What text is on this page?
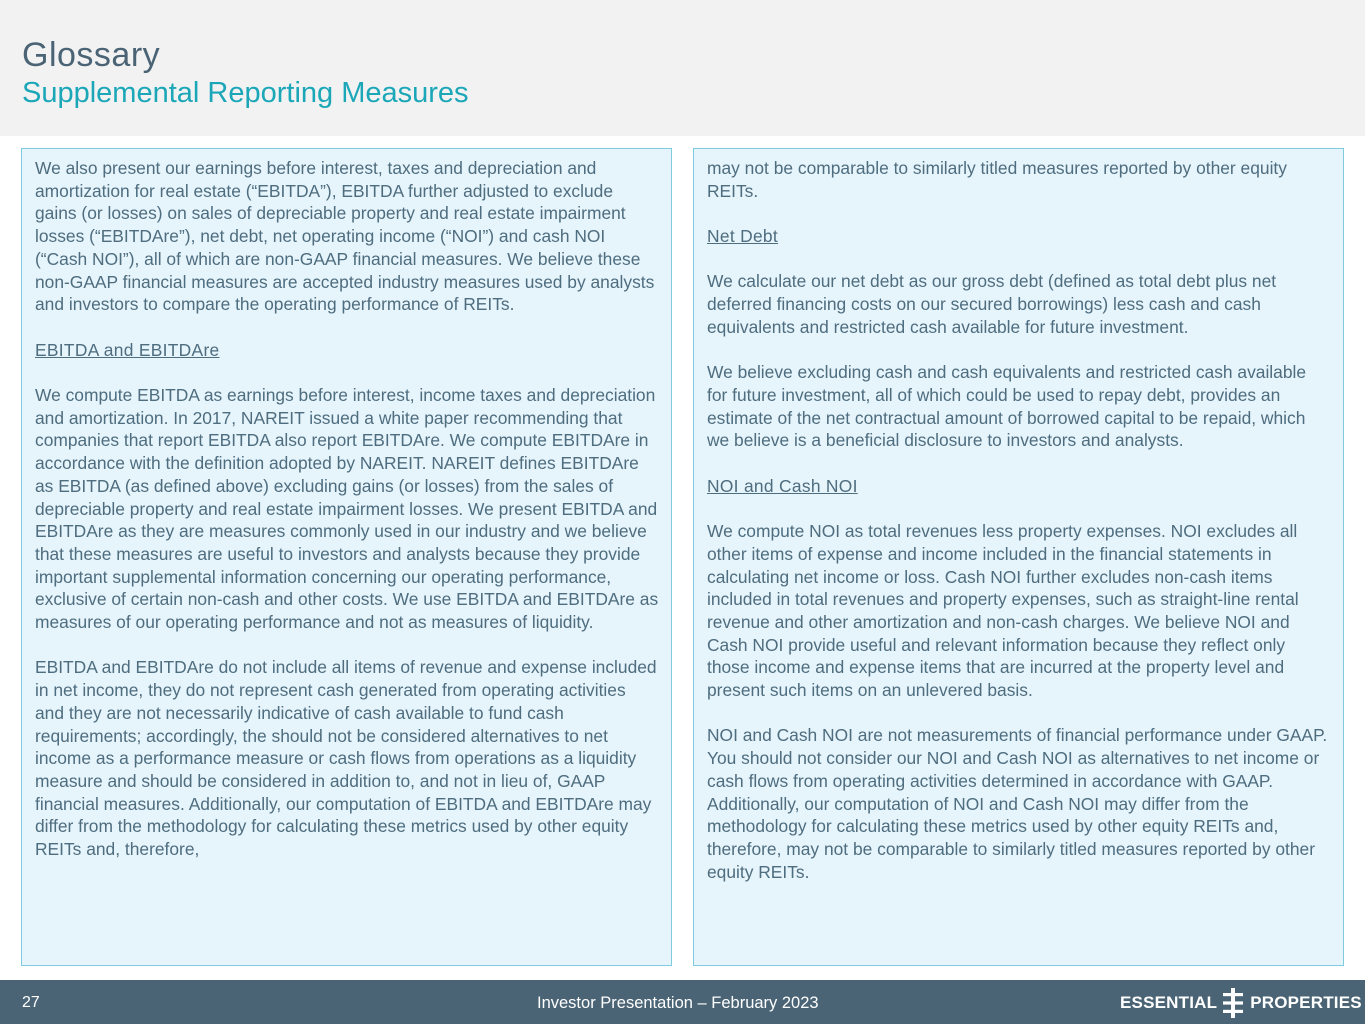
Glossary
Supplemental Reporting Measures

We also present our earnings before interest, taxes and depreciation and amortization for real estate (“EBITDA”), EBITDA further adjusted to exclude gains (or losses) on sales of depreciable property and real estate impairment losses (“EBITDAre”), net debt, net operating income (“NOI”) and cash NOI (“Cash NOI”), all of which are non-GAAP financial measures. We believe these non-GAAP financial measures are accepted industry measures used by analysts and investors to compare the operating performance of REITs.

EBITDA and EBITDAre

We compute EBITDA as earnings before interest, income taxes and depreciation and amortization. In 2017, NAREIT issued a white paper recommending that companies that report EBITDA also report EBITDAre. We compute EBITDAre in accordance with the definition adopted by NAREIT. NAREIT defines EBITDAre as EBITDA (as defined above) excluding gains (or losses) from the sales of depreciable property and real estate impairment losses. We present EBITDA and EBITDAre as they are measures commonly used in our industry and we believe that these measures are useful to investors and analysts because they provide important supplemental information concerning our operating performance, exclusive of certain non-cash and other costs. We use EBITDA and EBITDAre as measures of our operating performance and not as measures of liquidity.

EBITDA and EBITDAre do not include all items of revenue and expense included in net income, they do not represent cash generated from operating activities and they are not necessarily indicative of cash available to fund cash requirements; accordingly, the should not be considered alternatives to net income as a performance measure or cash flows from operations as a liquidity measure and should be considered in addition to, and not in lieu of, GAAP financial measures. Additionally, our computation of EBITDA and EBITDAre may differ from the methodology for calculating these metrics used by other equity REITs and, therefore,

may not be comparable to similarly titled measures reported by other equity REITs.

Net Debt

We calculate our net debt as our gross debt (defined as total debt plus net deferred financing costs on our secured borrowings) less cash and cash equivalents and restricted cash available for future investment.

We believe excluding cash and cash equivalents and restricted cash available for future investment, all of which could be used to repay debt, provides an estimate of the net contractual amount of borrowed capital to be repaid, which we believe is a beneficial disclosure to investors and analysts.

NOI and Cash NOI

We compute NOI as total revenues less property expenses. NOI excludes all other items of expense and income included in the financial statements in calculating net income or loss. Cash NOI further excludes non-cash items included in total revenues and property expenses, such as straight-line rental revenue and other amortization and non-cash charges. We believe NOI and Cash NOI provide useful and relevant information because they reflect only those income and expense items that are incurred at the property level and present such items on an unlevered basis.

NOI and Cash NOI are not measurements of financial performance under GAAP. You should not consider our NOI and Cash NOI as alternatives to net income or cash flows from operating activities determined in accordance with GAAP. Additionally, our computation of NOI and Cash NOI may differ from the methodology for calculating these metrics used by other equity REITs and, therefore, may not be comparable to similarly titled measures reported by other equity REITs.

27	Investor Presentation – February 2023	ESSENTIAL PROPERTIES
